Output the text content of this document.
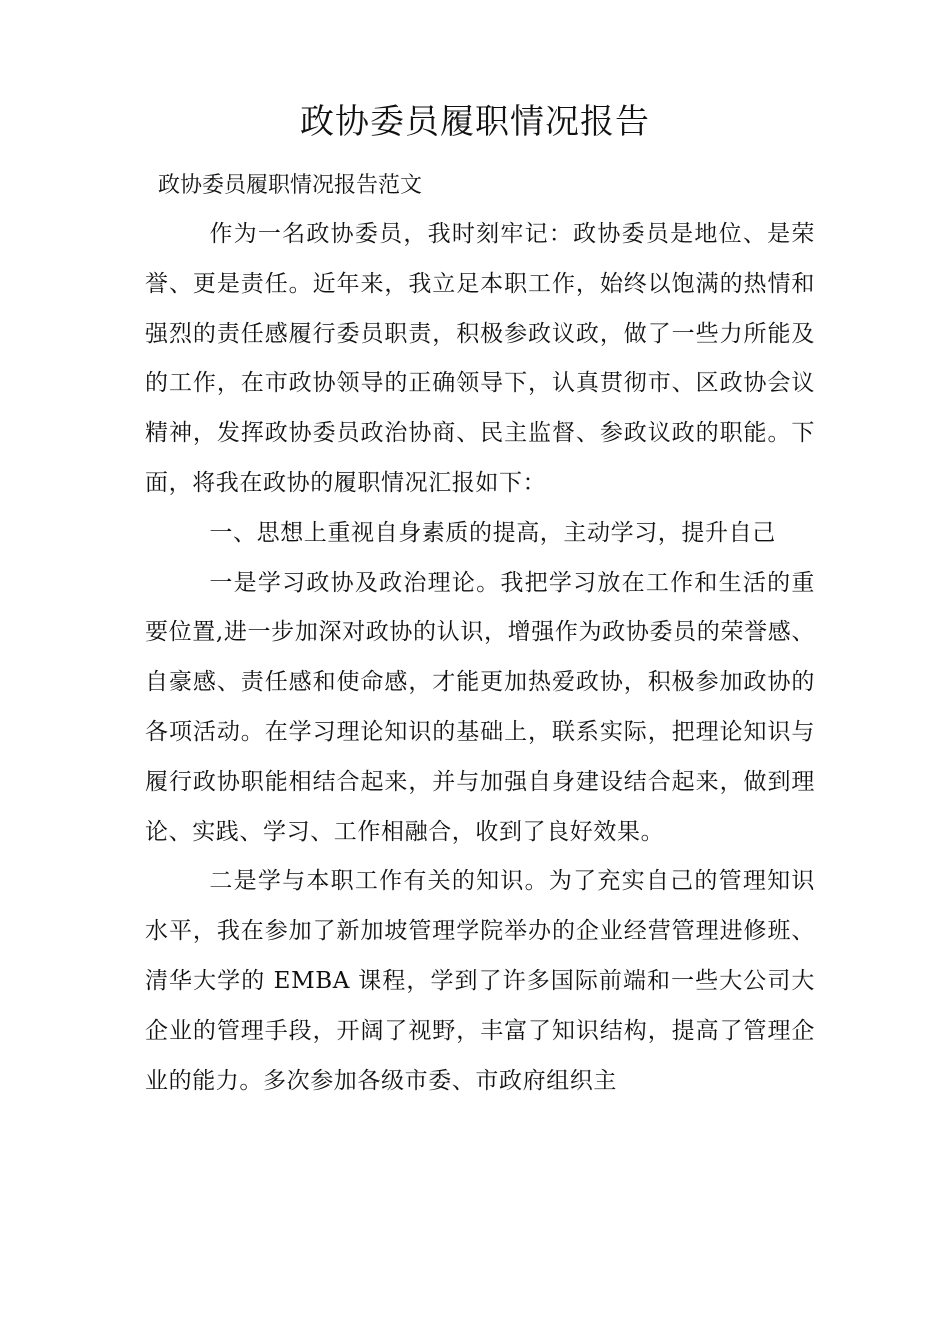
政协委员履职情况报告

政协委员履职情况报告范文

作为一名政协委员，我时刻牢记：政协委员是地位、是荣誉、更是责任。近年来，我立足本职工作，始终以饱满的热情和强烈的责任感履行委员职责，积极参政议政，做了一些力所能及的工作，在市政协领导的正确领导下，认真贯彻市、区政协会议精神，发挥政协委员政治协商、民主监督、参政议政的职能。下面，将我在政协的履职情况汇报如下：

一、思想上重视自身素质的提高，主动学习，提升自己

一是学习政协及政治理论。我把学习放在工作和生活的重要位置,进一步加深对政协的认识，增强作为政协委员的荣誉感、自豪感、责任感和使命感，才能更加热爱政协，积极参加政协的各项活动。在学习理论知识的基础上，联系实际，把理论知识与履行政协职能相结合起来，并与加强自身建设结合起来，做到理论、实践、学习、工作相融合，收到了良好效果。

二是学与本职工作有关的知识。为了充实自己的管理知识水平，我在参加了新加坡管理学院举办的企业经营管理进修班、清华大学的 EMBA 课程，学到了许多国际前端和一些大公司大企业的管理手段，开阔了视野，丰富了知识结构，提高了管理企业的能力。多次参加各级市委、市政府组织主
